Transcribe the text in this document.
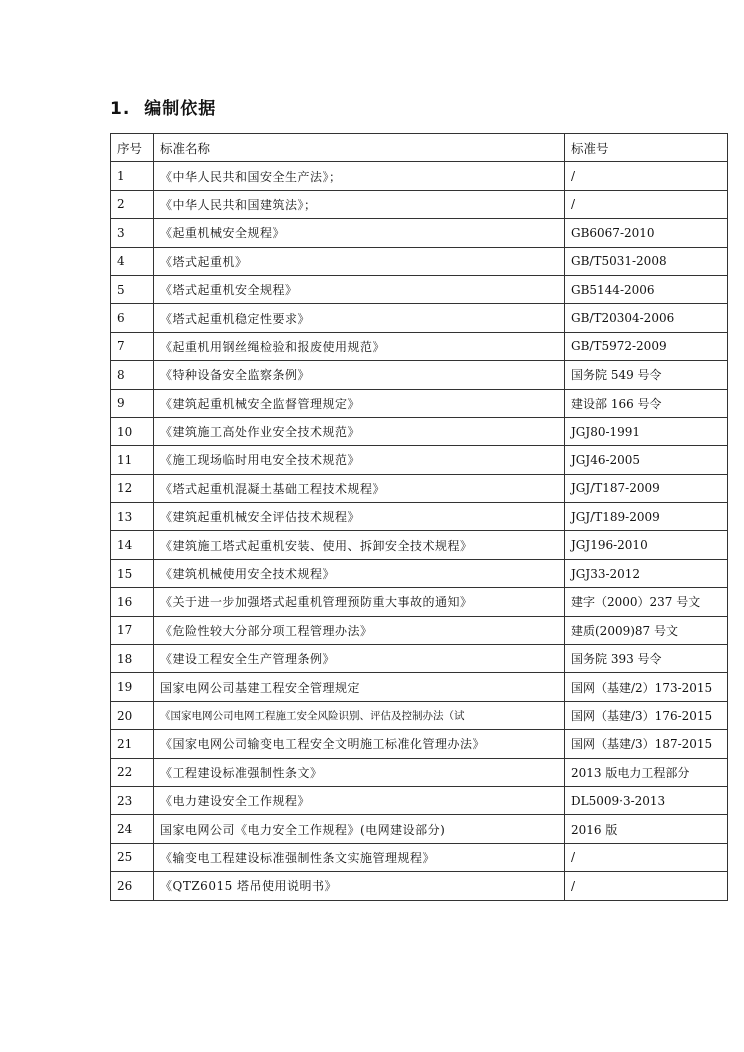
1. 编制依据
序号	标准名称	标准号
1	《中华人民共和国安全生产法》；	/
2	《中华人民共和国建筑法》；	/
3	《起重机械安全规程》	GB6067-2010
4	《塔式起重机》	GB/T5031-2008
5	《塔式起重机安全规程》	GB5144-2006
6	《塔式起重机稳定性要求》	GB/T20304-2006
7	《起重机用钢丝绳检验和报废使用规范》	GB/T5972-2009
8	《特种设备安全监察条例》	国务院 549 号令
9	《建筑起重机械安全监督管理规定》	建设部 166 号令
10	《建筑施工高处作业安全技术规范》	JGJ80-1991
11	《施工现场临时用电安全技术规范》	JGJ46-2005
12	《塔式起重机混凝土基础工程技术规程》	JGJ/T187-2009
13	《建筑起重机械安全评估技术规程》	JGJ/T189-2009
14	《建筑施工塔式起重机安装、使用、拆卸安全技术规程》	JGJ196-2010
15	《建筑机械使用安全技术规程》	JGJ33-2012
16	《关于进一步加强塔式起重机管理预防重大事故的通知》	建字（2000）237 号文
17	《危险性较大分部分项工程管理办法》	建质(2009)87 号文
18	《建设工程安全生产管理条例》	国务院 393 号令
19	国家电网公司基建工程安全管理规定	国网（基建/2）173-2015
20	《国家电网公司电网工程施工安全风险识别、评估及控制办法（试	国网（基建/3）176-2015
21	《国家电网公司输变电工程安全文明施工标准化管理办法》	国网（基建/3）187-2015
22	《工程建设标准强制性条文》	2013 版电力工程部分
23	《电力建设安全工作规程》	DL5009·3-2013
24	国家电网公司《电力安全工作规程》(电网建设部分)	2016 版
25	《输变电工程建设标准强制性条文实施管理规程》	/
26	《QTZ6015 塔吊使用说明书》	/
